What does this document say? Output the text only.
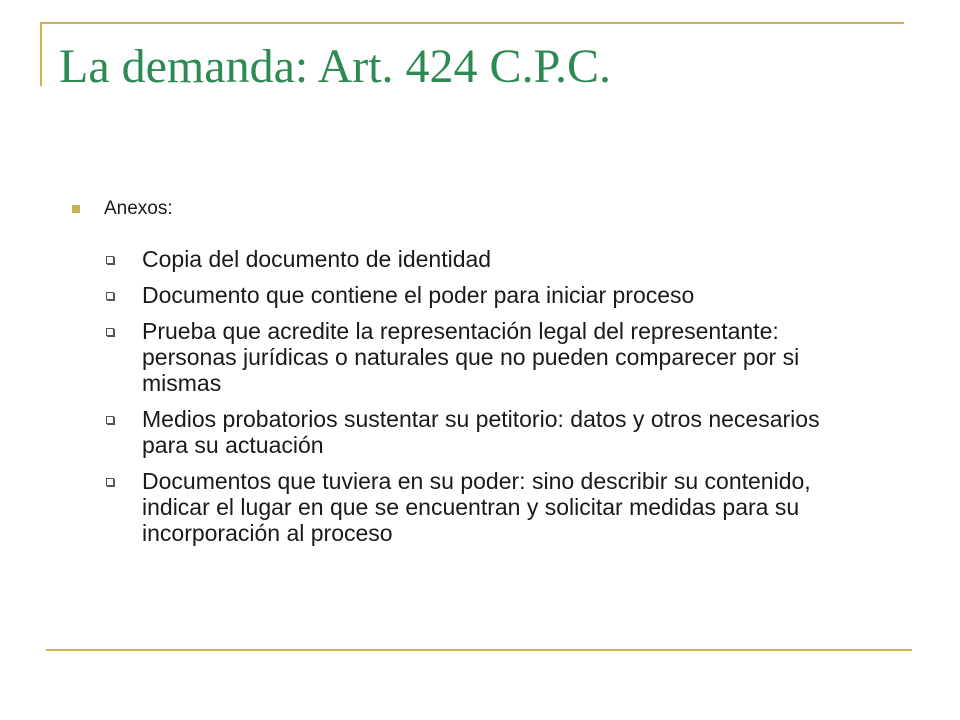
La demanda: Art. 424 C.P.C.
Anexos:
Copia del documento de identidad
Documento que contiene el poder para iniciar proceso
Prueba que acredite la representación legal del representante: personas jurídicas o naturales que no pueden comparecer por si mismas
Medios probatorios sustentar su petitorio: datos y otros necesarios para su actuación
Documentos que tuviera en su poder: sino describir su contenido, indicar el lugar en que se encuentran y solicitar medidas para su incorporación al proceso
